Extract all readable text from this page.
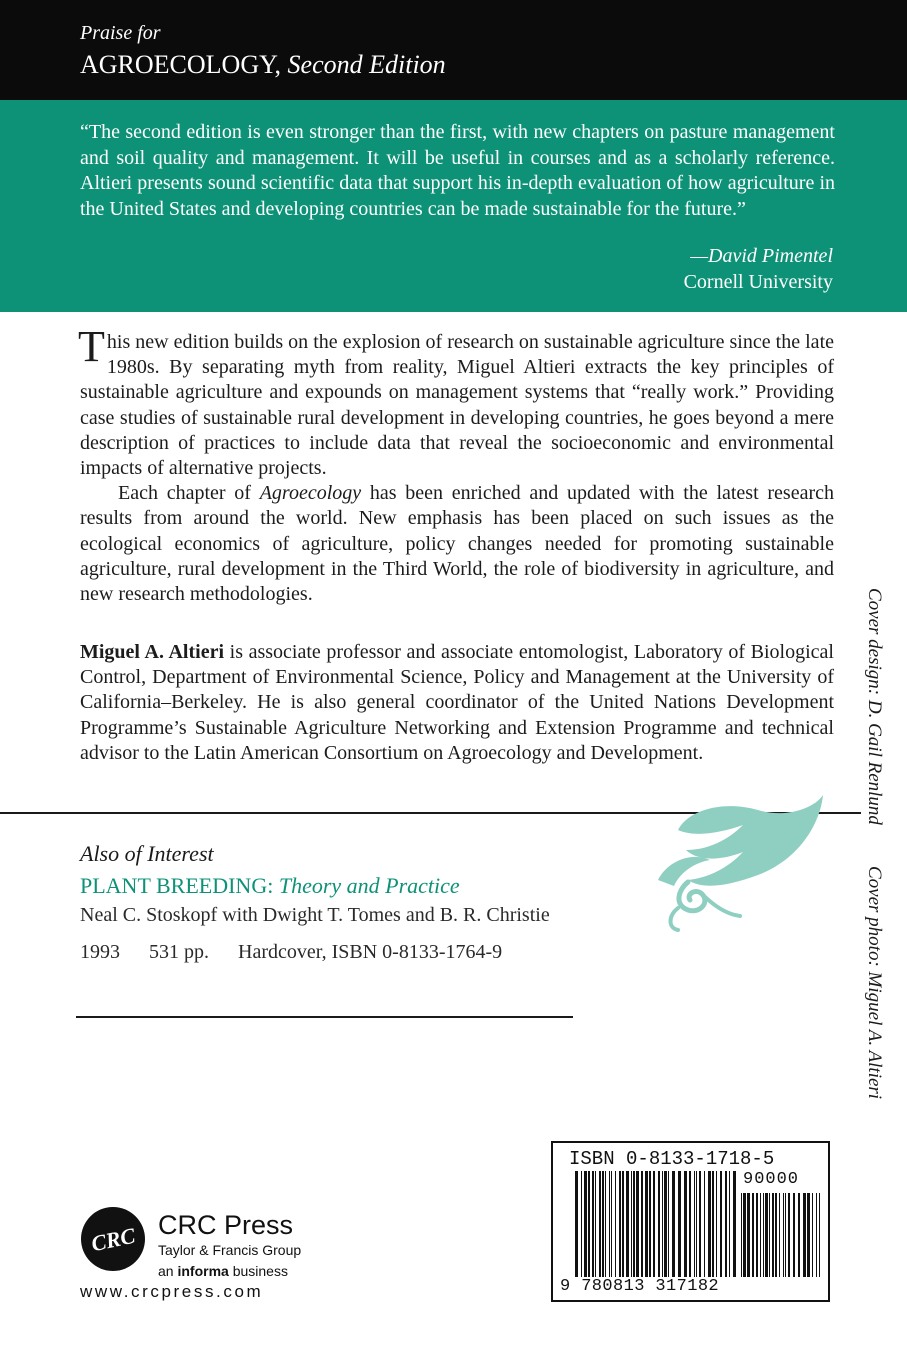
Praise for
AGROECOLOGY, Second Edition
“The second edition is even stronger than the first, with new chapters on pasture management and soil quality and management. It will be useful in courses and as a scholarly reference. Altieri presents sound scientific data that support his in-depth evaluation of how agriculture in the United States and developing countries can be made sustainable for the future.”
—David Pimentel
Cornell University

This new edition builds on the explosion of research on sustainable agriculture since the late 1980s. By separating myth from reality, Miguel Altieri extracts the key principles of sustainable agriculture and expounds on management systems that “really work.” Providing case studies of sustainable rural development in developing countries, he goes beyond a mere description of practices to include data that reveal the socioeconomic and environmental impacts of alternative projects.

Each chapter of Agroecology has been enriched and updated with the latest research results from around the world. New emphasis has been placed on such issues as the ecological economics of agriculture, policy changes needed for promoting sustainable agriculture, rural development in the Third World, the role of biodiversity in agriculture, and new research methodologies.

Miguel A. Altieri is associate professor and associate entomologist, Laboratory of Biological Control, Department of Environmental Science, Policy and Management at the University of California–Berkeley. He is also general coordinator of the United Nations Development Programme’s Sustainable Agriculture Networking and Extension Programme and technical advisor to the Latin American Consortium on Agroecology and Development.	Cover design: D. Gail Renlund
Cover photo: Miguel A. Altieri
Also of Interest
PLANT BREEDING: Theory and Practice
Neal C. Stoskopf with Dwight T. Tomes and B. R. Christie
1993 531 pp. Hardcover, ISBN 0-8133-1764-9
CRC CRC Press
Taylor & Francis Group
an informa business
www.crcpress.com
ISBN 0-8133-1718-5
90000
9 780813 317182
